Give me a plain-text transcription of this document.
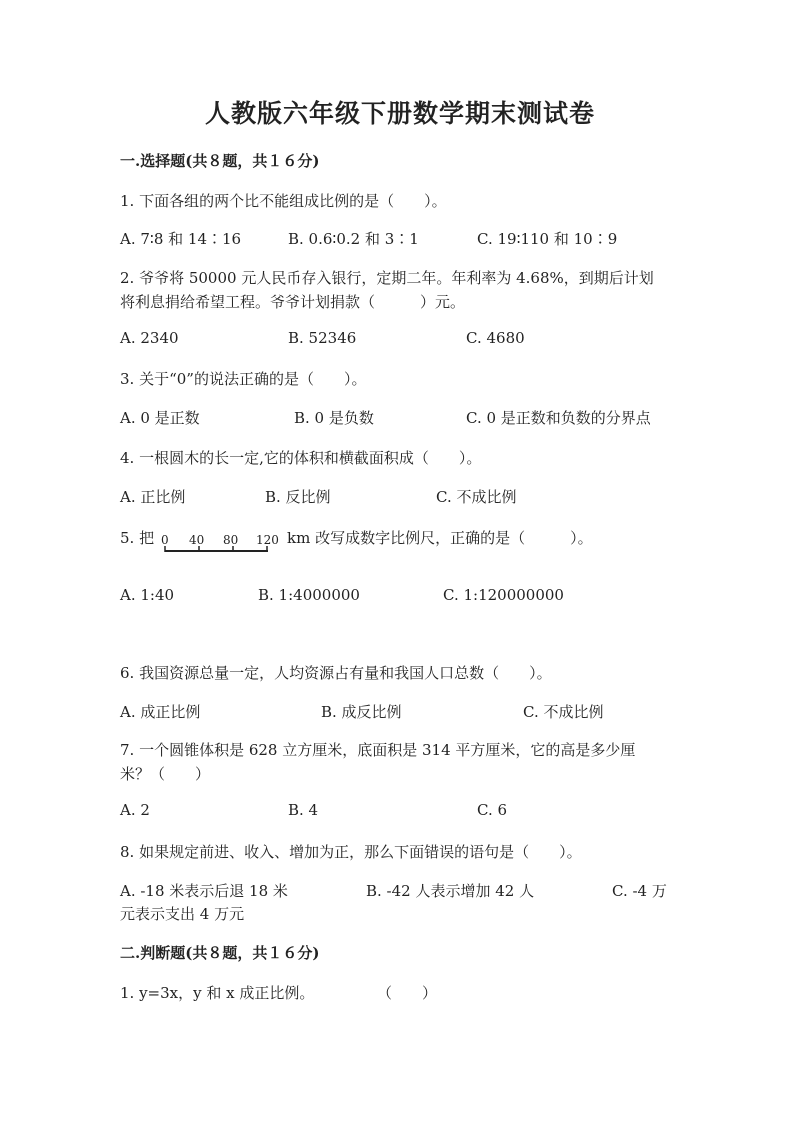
人教版六年级下册数学期末测试卷
一.选择题(共８题，共１６分)
1. 下面各组的两个比不能组成比例的是（　　）。
A. 7∶8 和 14∶16	B. 0.6∶0.2 和 3∶1	C. 19∶110 和 10∶9
2. 爷爷将 50000 元人民币存入银行，定期二年。年利率为 4.68%，到期后计划将利息捐给希望工程。爷爷计划捐款（　　　）元。
A. 2340	B. 52346	C. 4680
3. 关于“0”的说法正确的是（　　）。
A. 0 是正数	B. 0 是负数	C. 0 是正数和负数的分界点
4. 一根圆木的长一定,它的体积和横截面积成（　　）。
A. 正比例	B. 反比例	C. 不成比例
5. 把 0 40 80 120 km 改写成数字比例尺，正确的是（　　　）。
A. 1:40	B. 1:4000000	C. 1:120000000
6. 我国资源总量一定，人均资源占有量和我国人口总数（　　）。
A. 成正比例	B. 成反比例	C. 不成比例
7. 一个圆锥体积是 628 立方厘米，底面积是 314 平方厘米，它的高是多少厘米？（　　）
A. 2	B. 4	C. 6
8. 如果规定前进、收入、增加为正，那么下面错误的语句是（　　）。
A. -18 米表示后退 18 米	B. -42 人表示增加 42 人	C. -4 万
元表示支出 4 万元
二.判断题(共８题，共１６分)
1. y=3x，y 和 x 成正比例。	（　　）
